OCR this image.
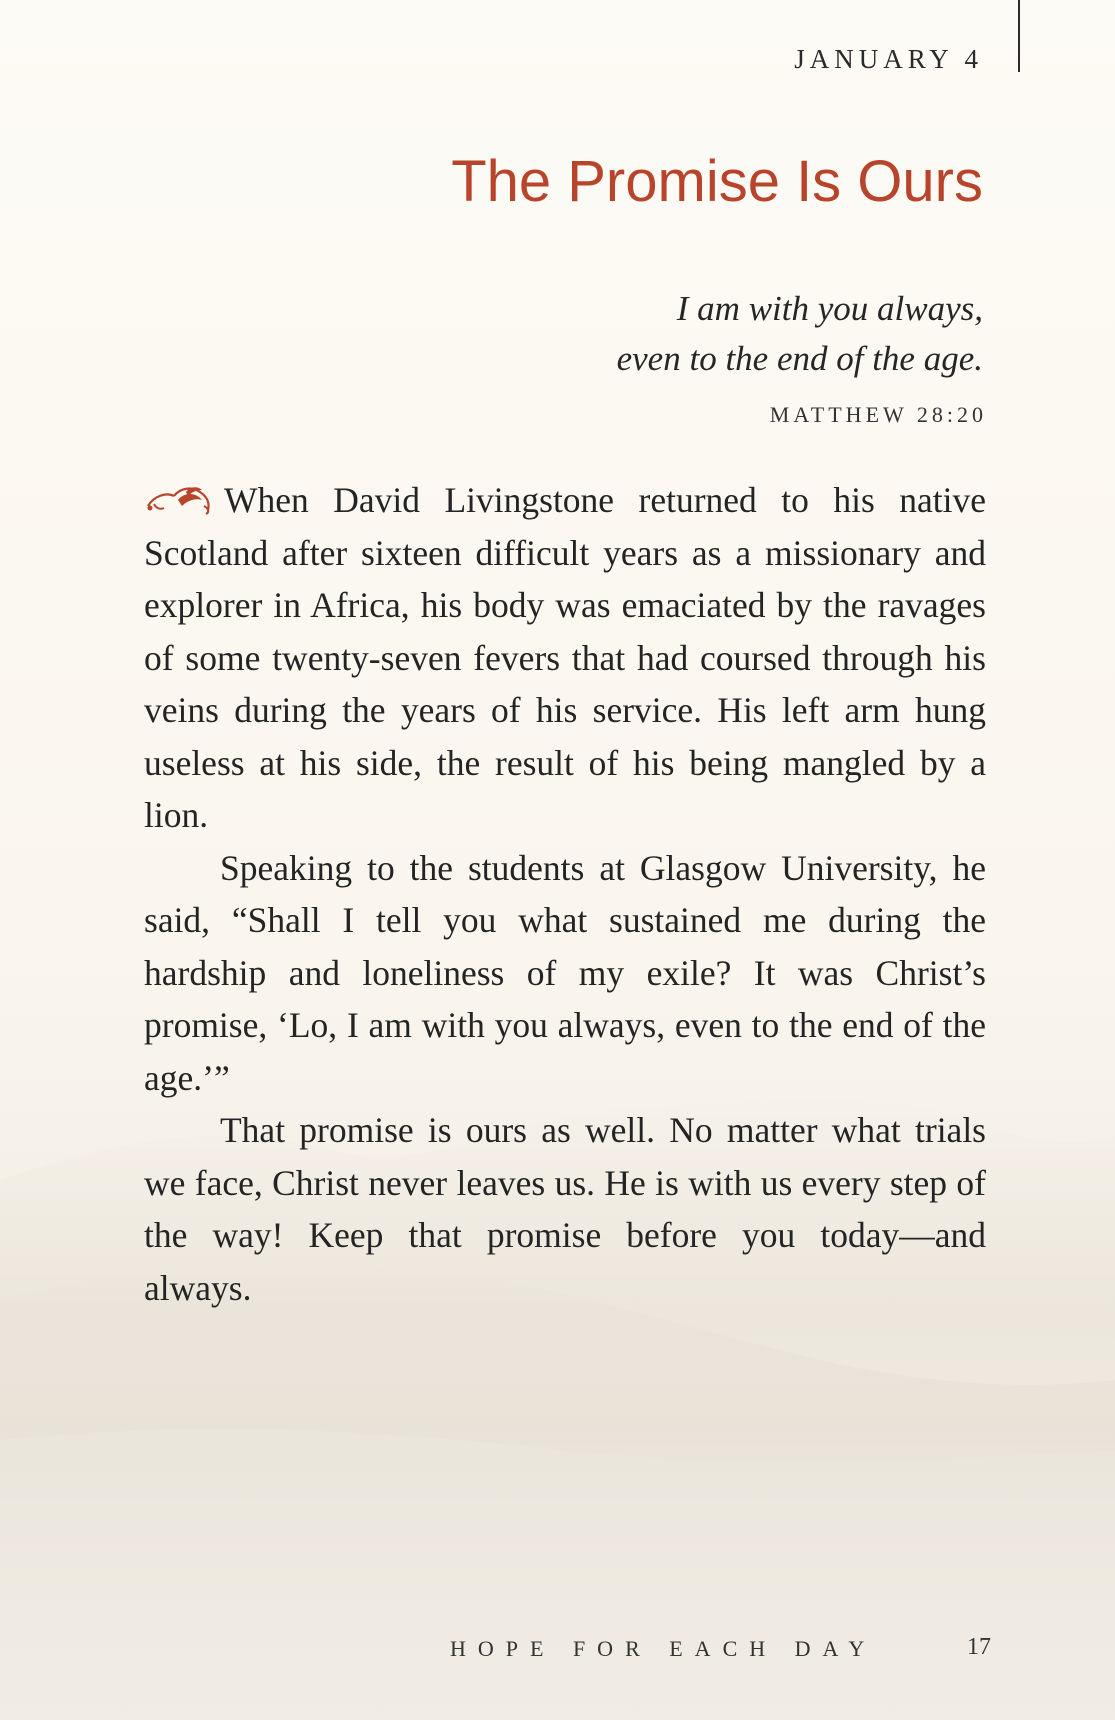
JANUARY 4
The Promise Is Ours
I am with you always,
even to the end of the age.
MATTHEW 28:20

When David Livingstone returned to his native Scotland after sixteen difficult years as a missionary and explorer in Africa, his body was emaciated by the ravages of some twenty-seven fevers that had coursed through his veins during the years of his service. His left arm hung useless at his side, the result of his being mangled by a lion.

Speaking to the students at Glasgow University, he said, “Shall I tell you what sustained me during the hardship and loneliness of my exile? It was Christ’s promise, ‘Lo, I am with you always, even to the end of the age.’”

That promise is ours as well. No matter what trials we face, Christ never leaves us. He is with us every step of the way! Keep that promise before you today—and always.

HOPE FOR EACH DAY	17
